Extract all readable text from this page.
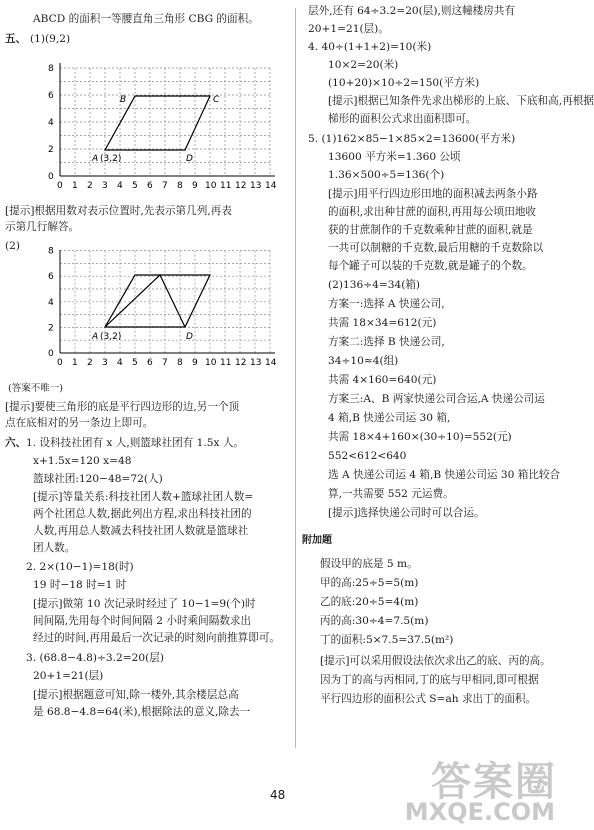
ABCD 的面积一等腰直角三角形 CBG 的面积。
五、 (1)(9,2)
0
2
4
6
8
0 1 2 3 4 5 6 7 8 9 10 11 12 13 14
A (3,2)
B	C
D
[提示]根据用数对表示位置时,先表示第几列,再表
示第几行解答。
(2)
0
2
4
6
8
0 1 2 3 4 5 6 7 8 9 10 11 12 13 14
A (3,2)	D
(答案不唯一)
[提示]要使三角形的底是平行四边形的边,另一个顶
点在底相对的另一条边上即可。
六、 1. 设科技社团有 x 人,则篮球社团有 1.5x 人。
x+1.5x=120 x=48
篮球社团:120−48=72(人)
[提示]等量关系:科技社团人数+篮球社团人数=
两个社团总人数,据此列出方程,求出科技社团的
人数,再用总人数减去科技社团人数就是篮球社
团人数。
2. 2×(10−1)=18(时)
19 时−18 时=1 时
[提示]做第 10 次记录时经过了 10−1=9(个)时
间间隔,先用每个时间间隔 2 小时乘间隔数求出
经过的时间,再用最后一次记录的时刻向前推算即可。
3. (68.8−4.8)÷3.2=20(层)
20+1=21(层)
[提示]根据题意可知,除一楼外,其余楼层总高
是 68.8−4.8=64(米),根据除法的意义,除去一
层外,还有 64÷3.2=20(层),则这幢楼房共有
20+1=21(层)。
4. 40÷(1+1+2)=10(米)
10×2=20(米)
(10+20)×10÷2=150(平方米)
[提示]根据已知条件先求出梯形的上底、下底和高,再根据
梯形的面积公式求出面积即可。
5. (1)162×85−1×85×2=13600(平方米)
13600 平方米=1.360 公顷
1.36×500÷5=136(个)
[提示]用平行四边形田地的面积减去两条小路
的面积,求出种甘蔗的面积,再用每公顷田地收
获的甘蔗制作的千克数乘种甘蔗的面积,就是
一共可以制糖的千克数,最后用糖的千克数除以
每个罐子可以装的千克数,就是罐子的个数。
(2)136÷4=34(箱)
方案一:选择 A 快递公司,
共需 18×34=612(元)
方案二:选择 B 快递公司,
34÷10≈4(组)
共需 4×160=640(元)
方案三:A、B 两家快递公司合运,A 快递公司运
4 箱,B 快递公司运 30 箱,
共需 18×4+160×(30÷10)=552(元)
552<612<640
选 A 快递公司运 4 箱,B 快递公司运 30 箱比较合
算,一共需要 552 元运费。
[提示]选择快递公司时可以合运。
附加题
假设甲的底是 5 m。
甲的高:25÷5=5(m)
乙的底:20÷5=4(m)
丙的高:30÷4=7.5(m)
丁的面积:5×7.5=37.5(m²)
[提示]可以采用假设法依次求出乙的底、丙的高。
因为丁的高与丙相同,丁的底与甲相同,即可根据
平行四边形的面积公式 S=ah 求出丁的面积。
48	答案圈
MXQE.COM
